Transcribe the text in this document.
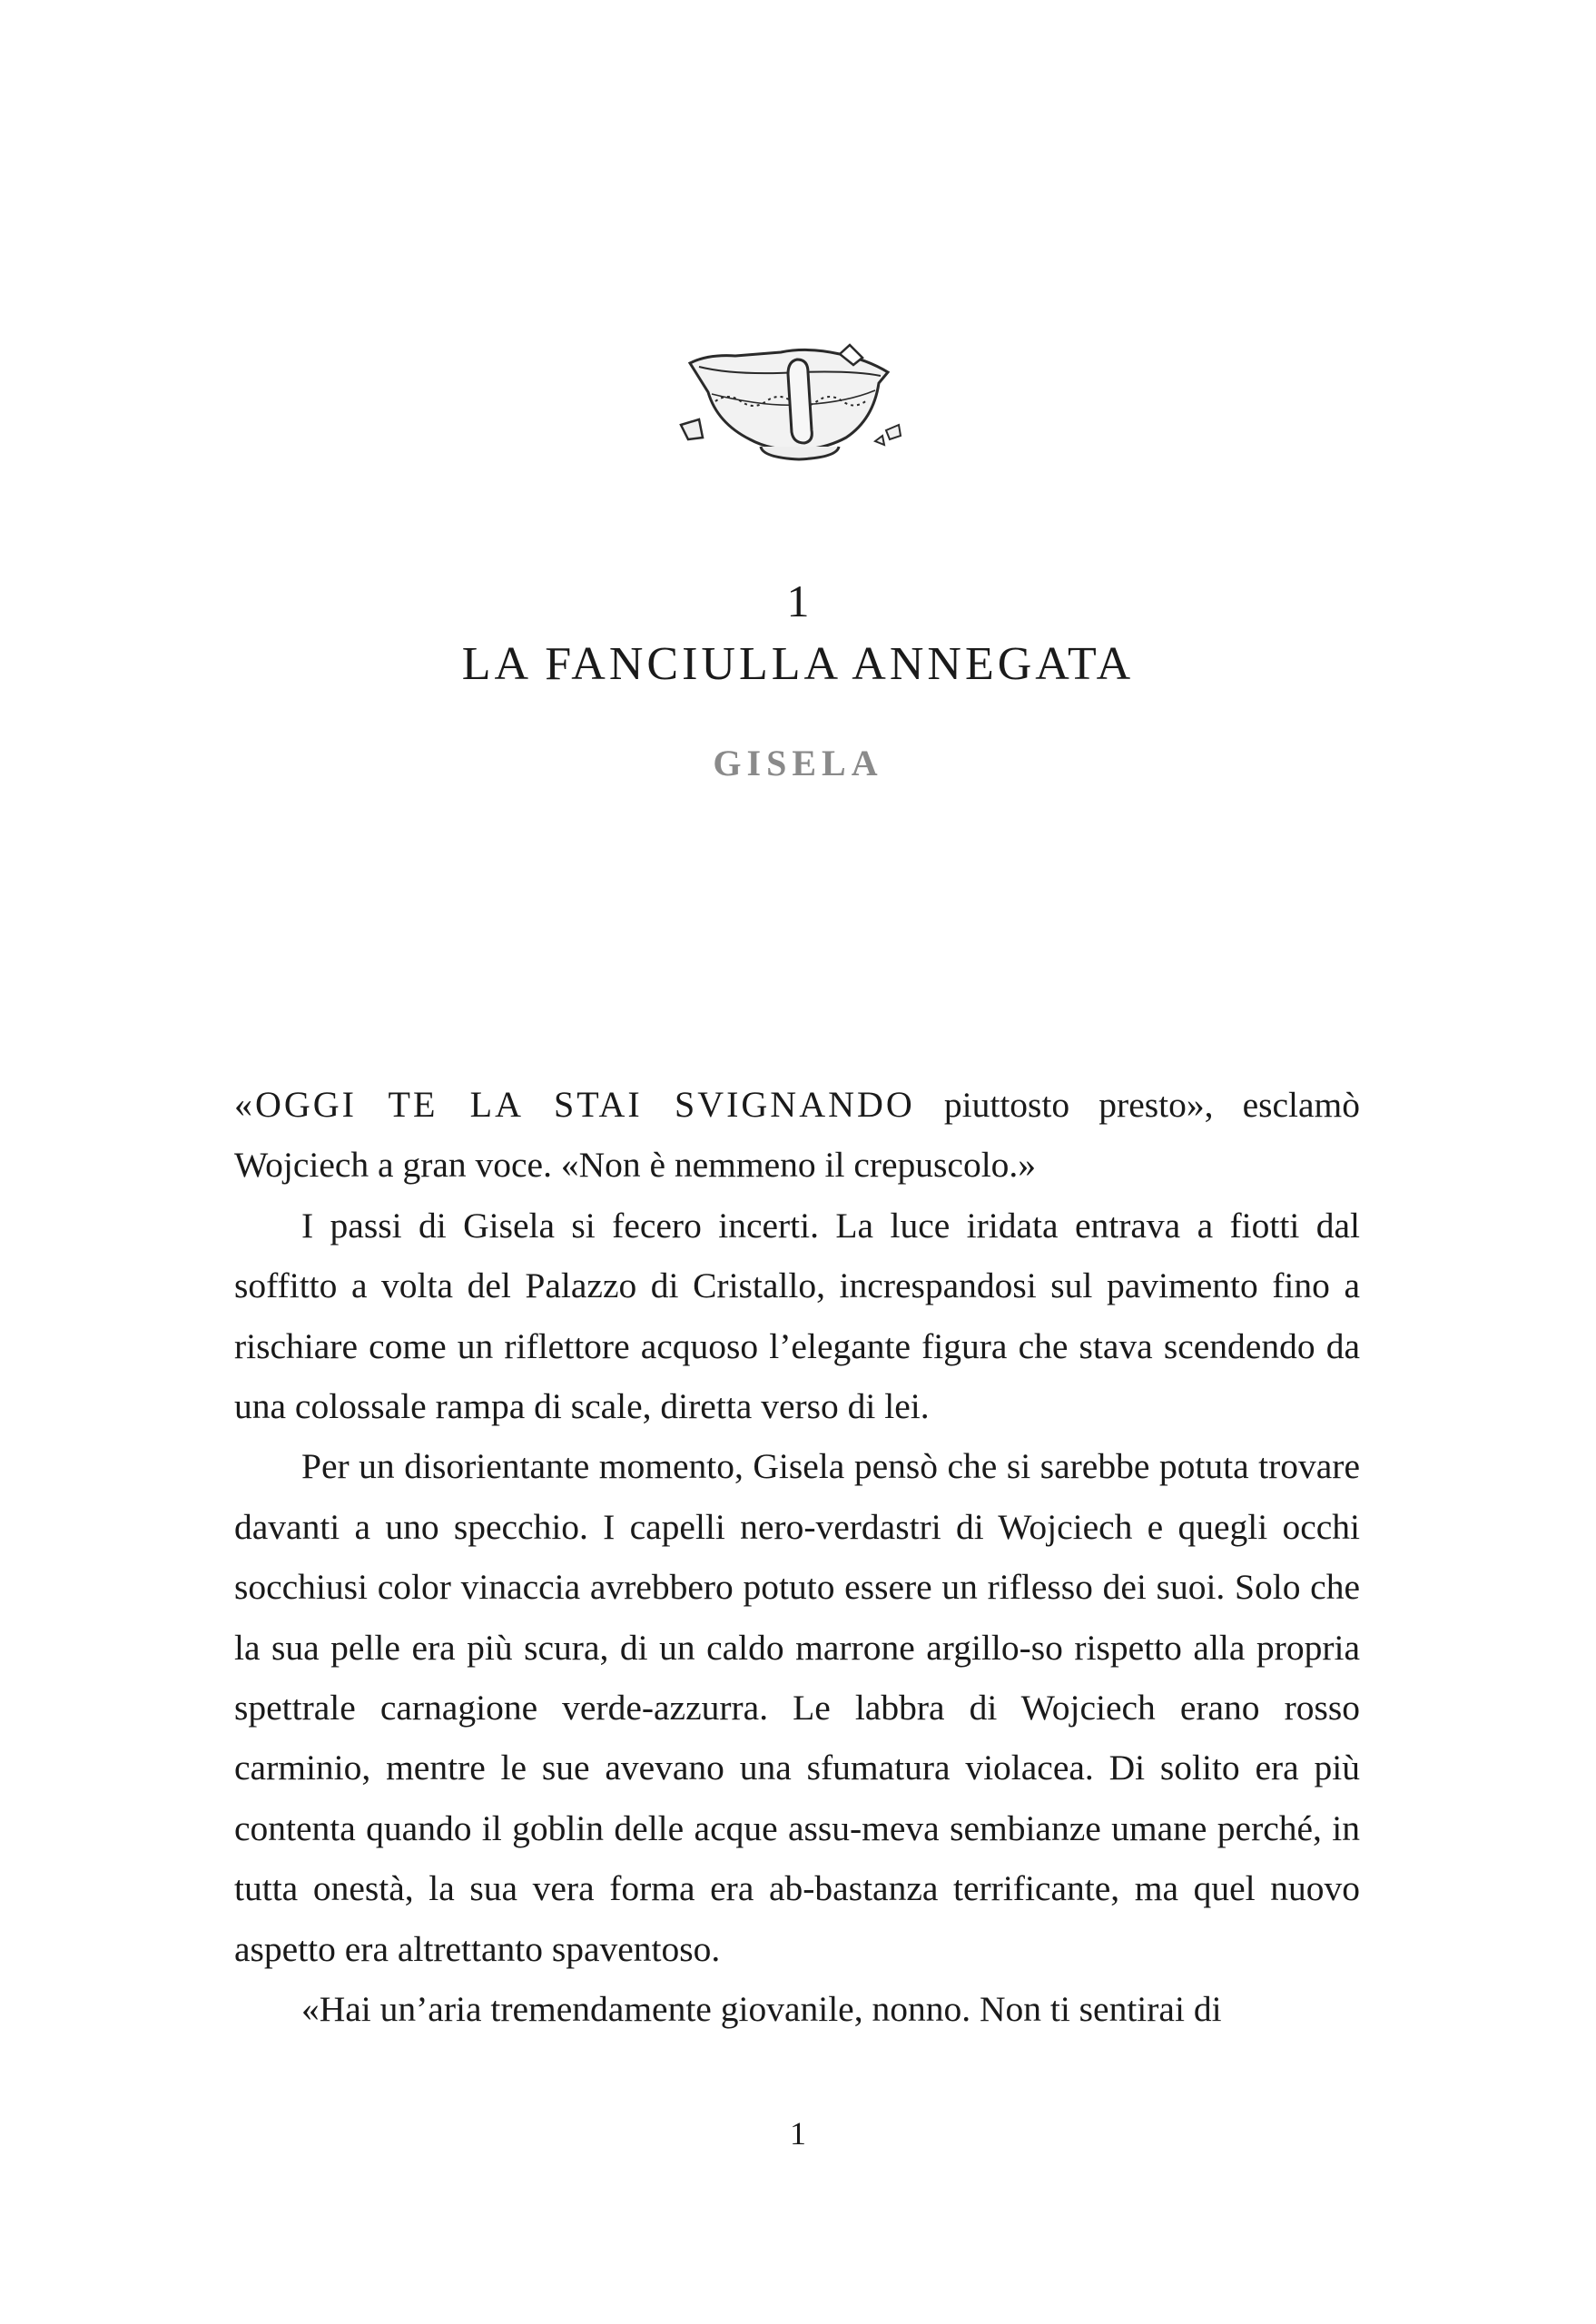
1
LA FANCIULLA ANNEGATA
GISELA

«OGGI TE LA STAI SVIGNANDO piuttosto presto», esclamò Wojciech a gran voce. «Non è nemmeno il crepuscolo.»

I passi di Gisela si fecero incerti. La luce iridata entrava a fiotti dal soffitto a volta del Palazzo di Cristallo, increspandosi sul pavimento fino a rischiare come un riflettore acquoso l’elegante figura che stava scendendo da una colossale rampa di scale, diretta verso di lei.

Per un disorientante momento, Gisela pensò che si sarebbe potuta trovare davanti a uno specchio. I capelli nero-verdastri di Wojciech e quegli occhi socchiusi color vinaccia avrebbero potuto essere un riflesso dei suoi. Solo che la sua pelle era più scura, di un caldo marrone argillo-so rispetto alla propria spettrale carnagione verde-azzurra. Le labbra di Wojciech erano rosso carminio, mentre le sue avevano una sfumatura violacea. Di solito era più contenta quando il goblin delle acque assu-meva sembianze umane perché, in tutta onestà, la sua vera forma era ab-bastanza terrificante, ma quel nuovo aspetto era altrettanto spaventoso.

«Hai un’aria tremendamente giovanile, nonno. Non ti sentirai di

1
